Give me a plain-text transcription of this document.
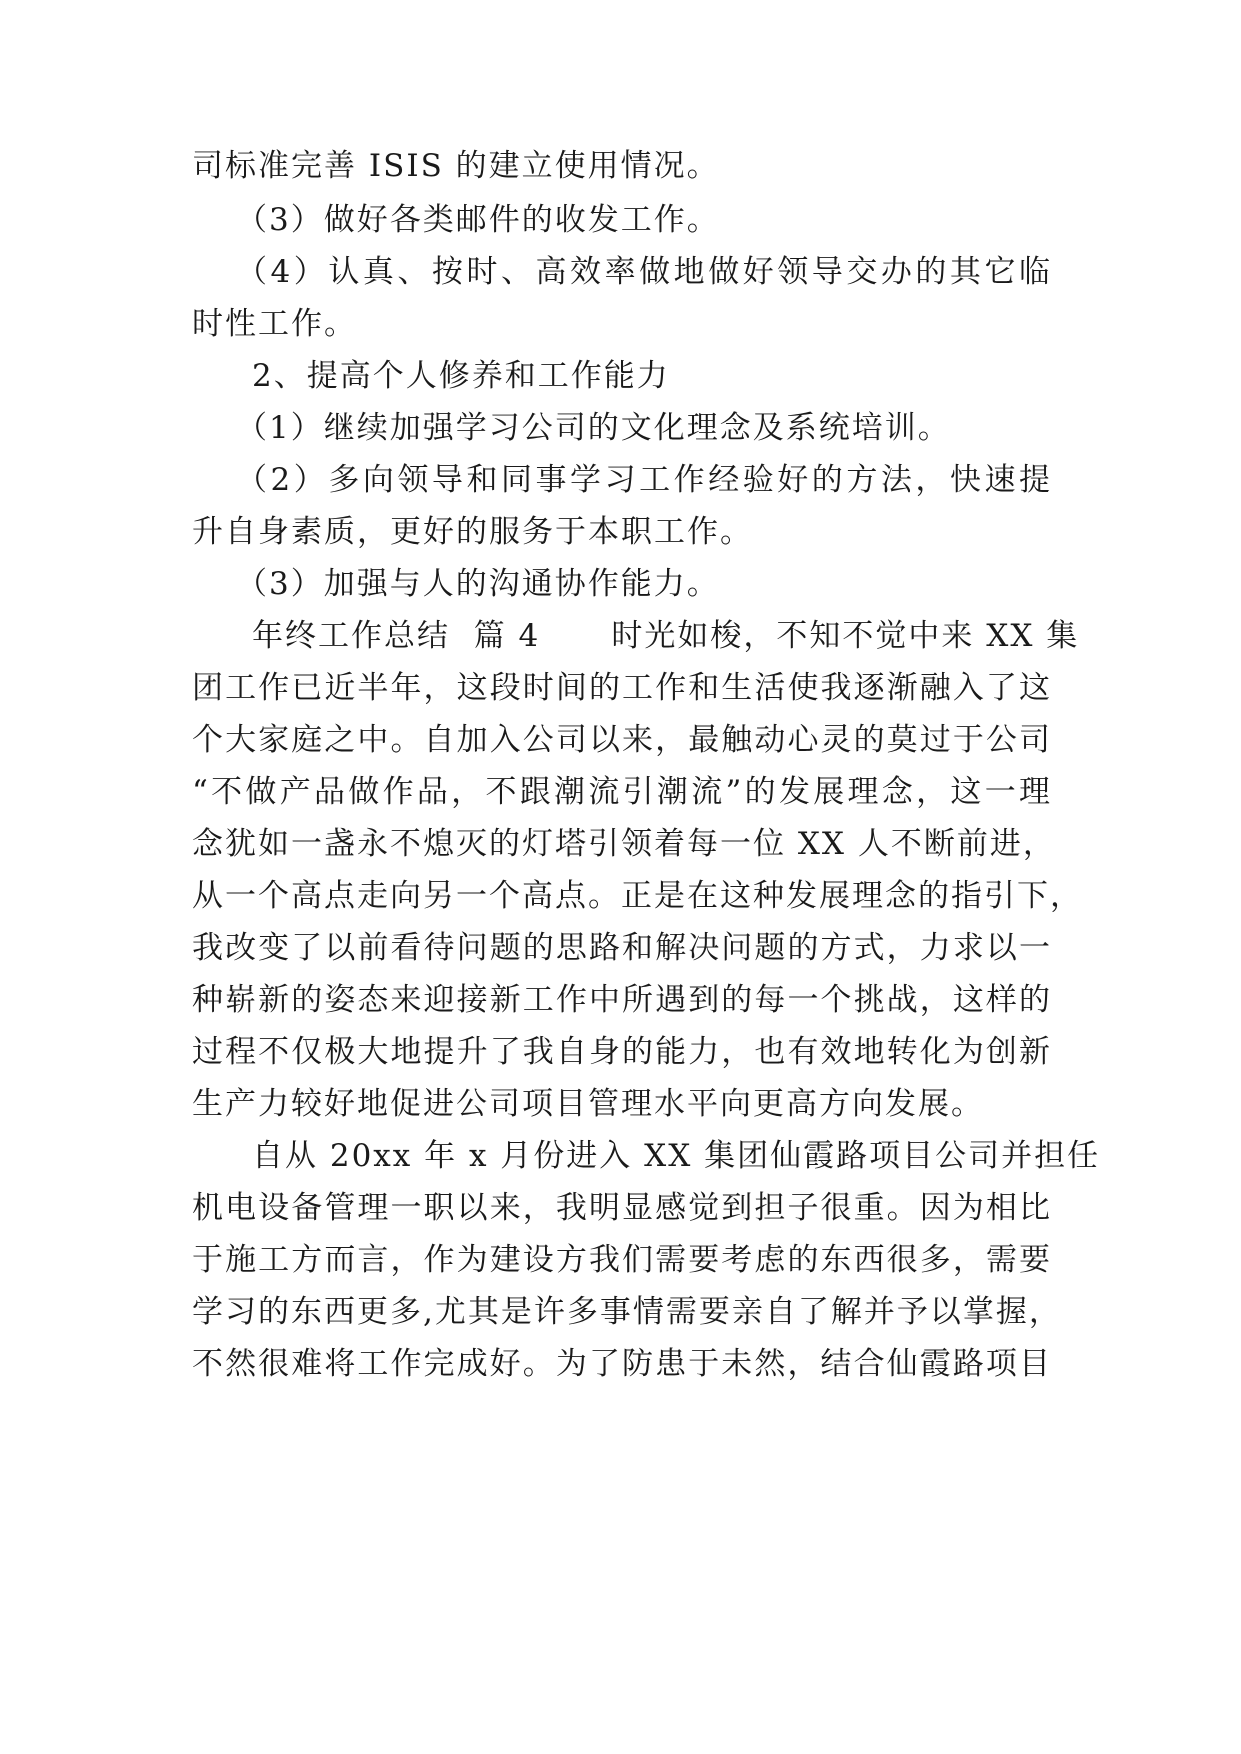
司标准完善 ISIS 的建立使用情况。
（3）做好各类邮件的收发工作。
（4）认真、按时、高效率做地做好领导交办的其它临
时性工作。
2、提高个人修养和工作能力
（1）继续加强学习公司的文化理念及系统培训。
（2）多向领导和同事学习工作经验好的方法，快速提
升自身素质，更好的服务于本职工作。
（3）加强与人的沟通协作能力。
年终工作总结  篇 4      时光如梭，不知不觉中来 XX 集
团工作已近半年，这段时间的工作和生活使我逐渐融入了这
个大家庭之中。自加入公司以来，最触动心灵的莫过于公司
“不做产品做作品，不跟潮流引潮流”的发展理念，这一理
念犹如一盏永不熄灭的灯塔引领着每一位 XX 人不断前进，
从一个高点走向另一个高点。正是在这种发展理念的指引下，
我改变了以前看待问题的思路和解决问题的方式，力求以一
种崭新的姿态来迎接新工作中所遇到的每一个挑战，这样的
过程不仅极大地提升了我自身的能力，也有效地转化为创新
生产力较好地促进公司项目管理水平向更高方向发展。
自从 20xx 年 x 月份进入 XX 集团仙霞路项目公司并担任
机电设备管理一职以来，我明显感觉到担子很重。因为相比
于施工方而言，作为建设方我们需要考虑的东西很多，需要
学习的东西更多,尤其是许多事情需要亲自了解并予以掌握，
不然很难将工作完成好。为了防患于未然，结合仙霞路项目
